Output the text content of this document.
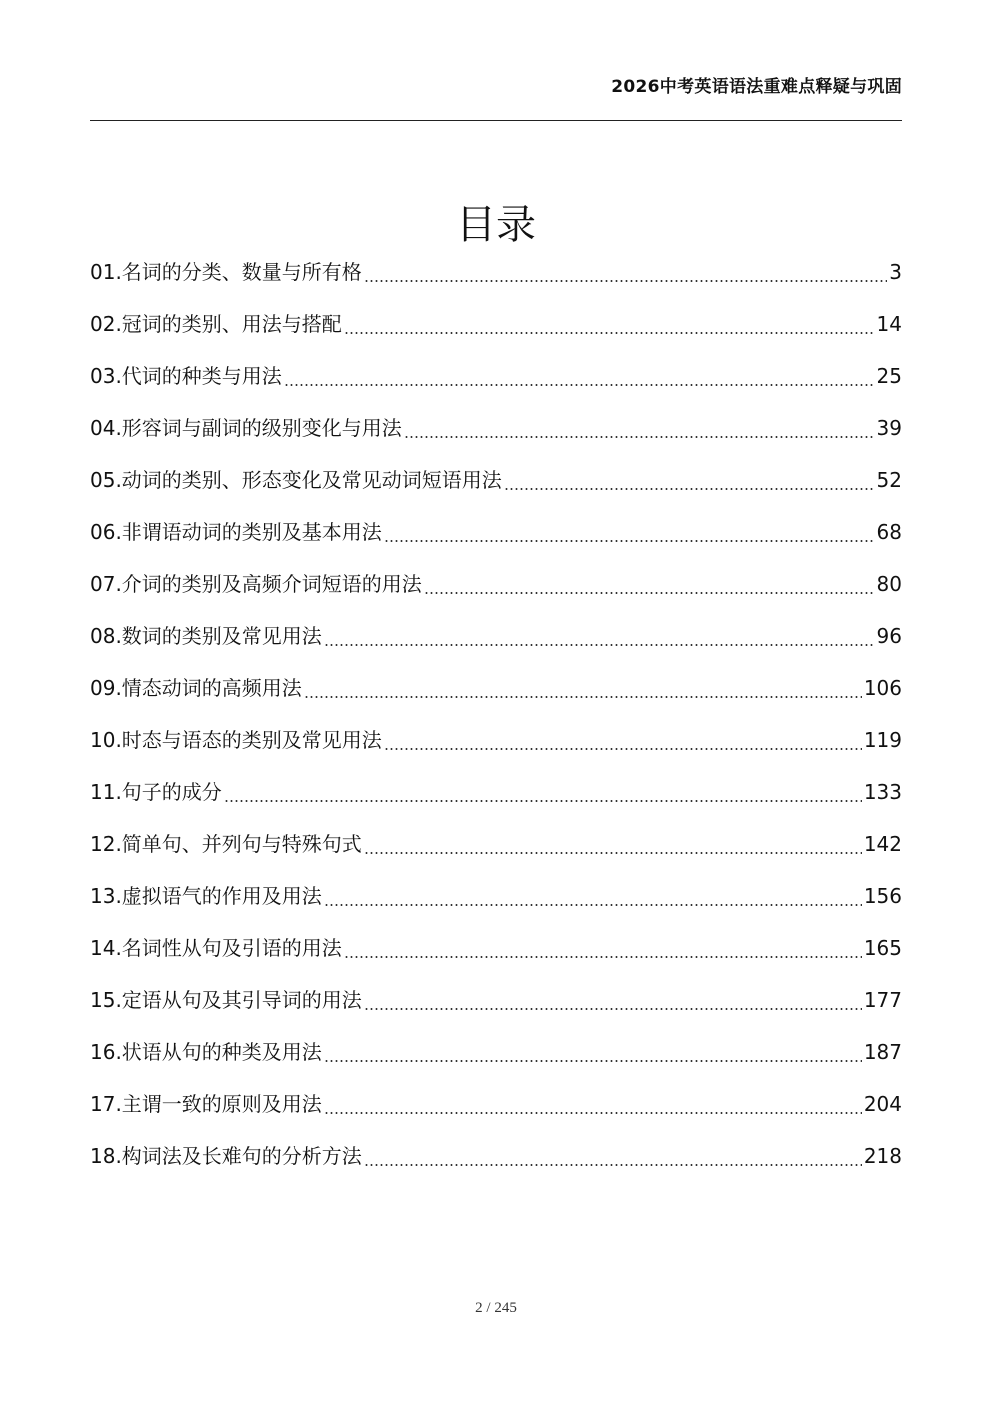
2026中考英语语法重难点释疑与巩固
目录
01.名词的分类、数量与所有格	3
02.冠词的类别、用法与搭配	14
03.代词的种类与用法	25
04.形容词与副词的级别变化与用法	39
05.动词的类别、形态变化及常见动词短语用法	52
06.非谓语动词的类别及基本用法	68
07.介词的类别及高频介词短语的用法	80
08.数词的类别及常见用法	96
09.情态动词的高频用法	106
10.时态与语态的类别及常见用法	119
11.句子的成分	133
12.简单句、并列句与特殊句式	142
13.虚拟语气的作用及用法	156
14.名词性从句及引语的用法	165
15.定语从句及其引导词的用法	177
16.状语从句的种类及用法	187
17.主谓一致的原则及用法	204
18.构词法及长难句的分析方法	218
2 / 245
